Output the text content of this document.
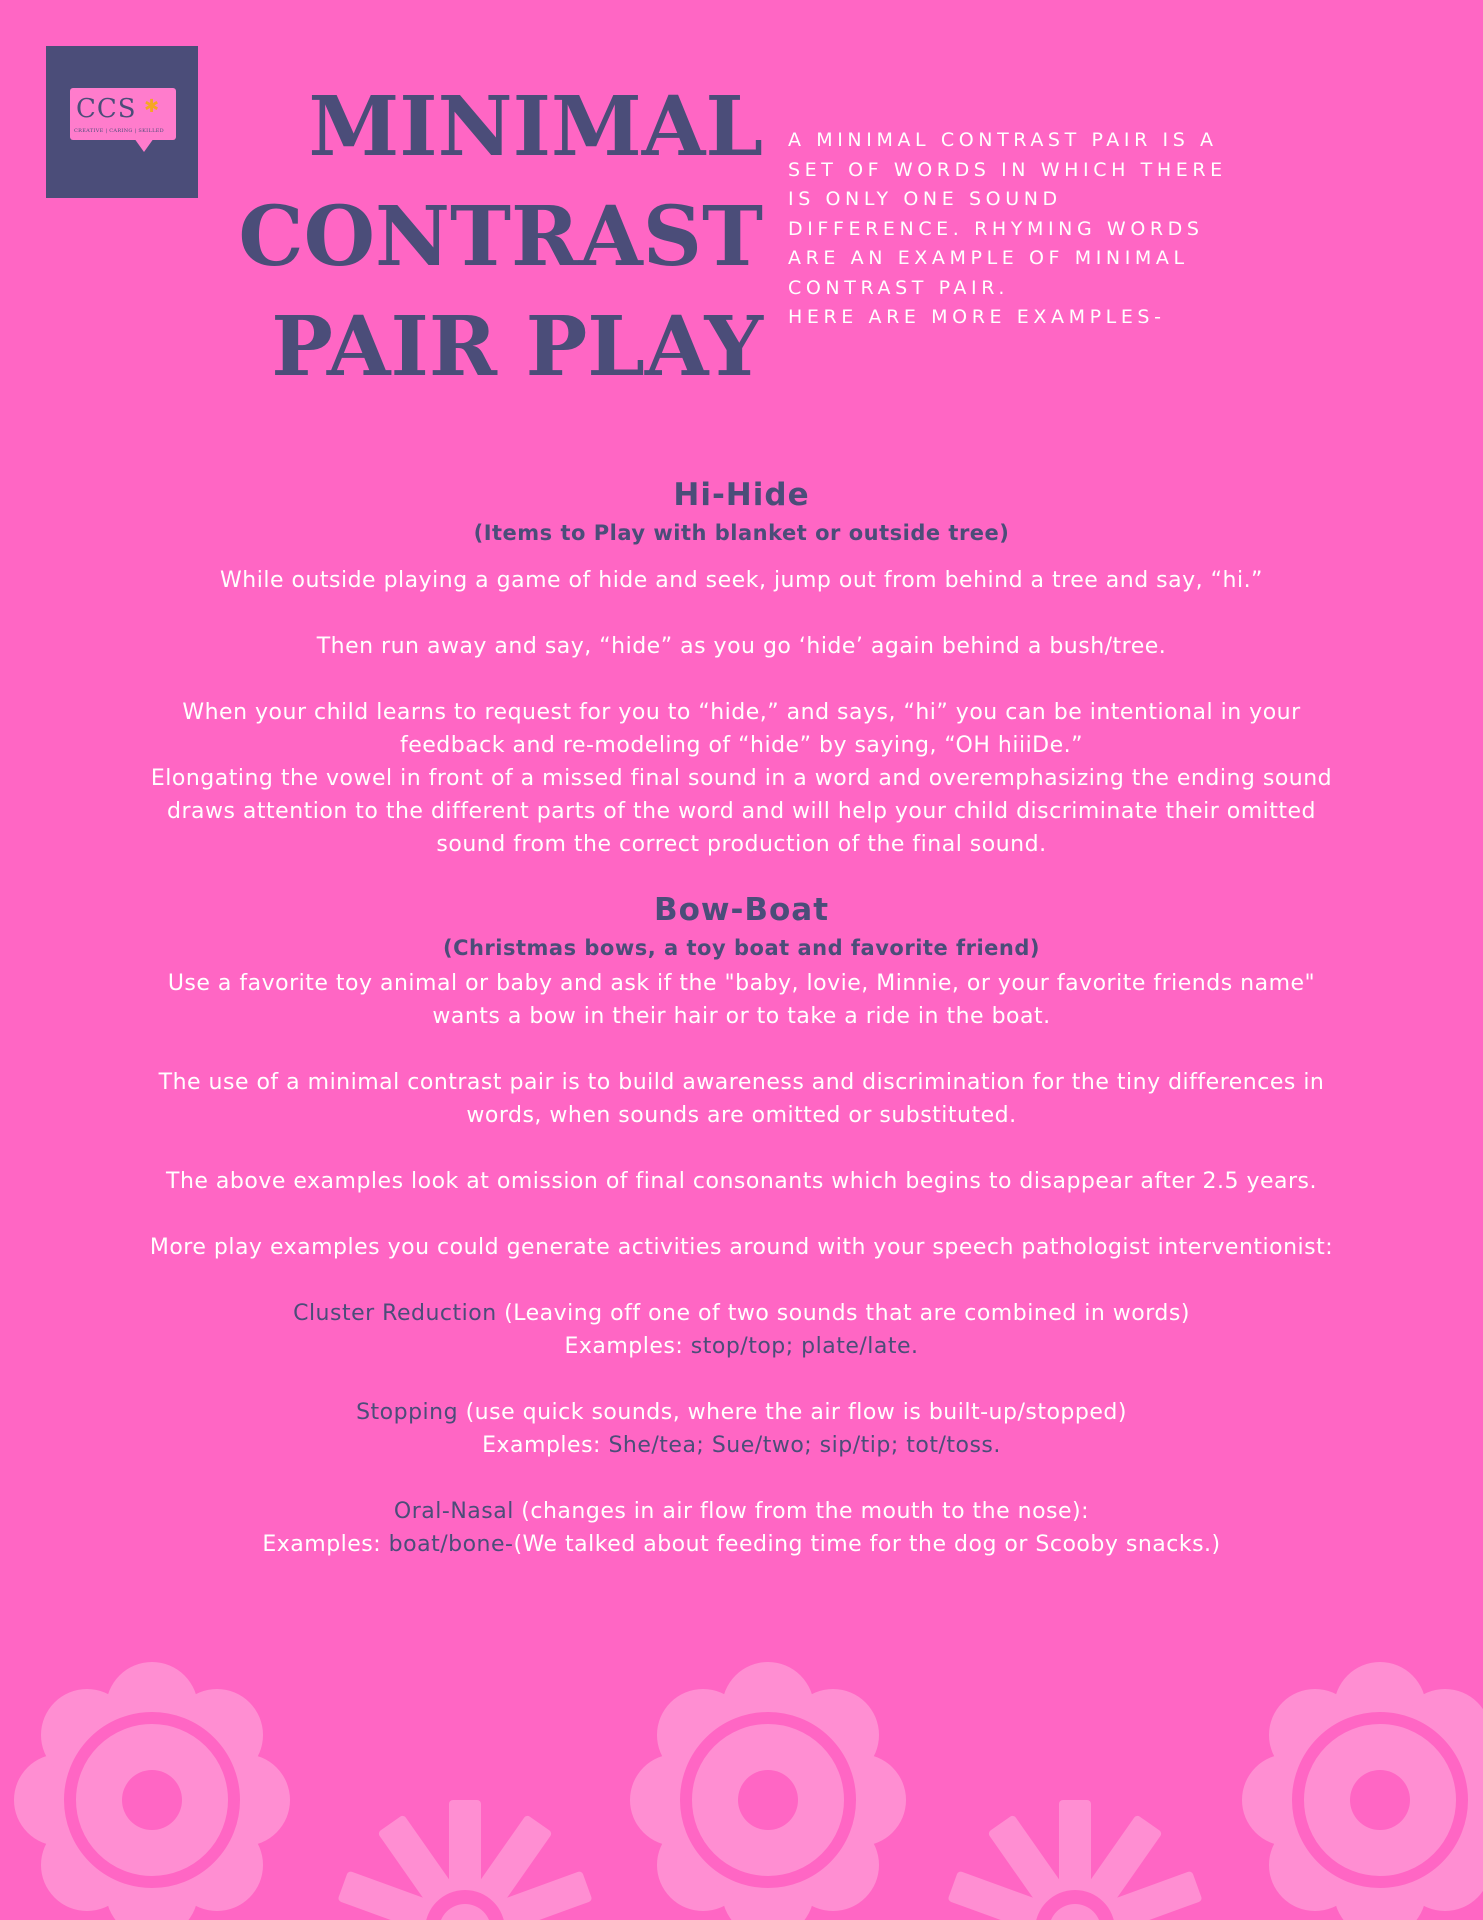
CCS ✱
CREATIVE | CARING | SKILLED	MINIMAL
CONTRAST
PAIR PLAY
A MINIMAL CONTRAST PAIR IS A
SET OF WORDS IN WHICH THERE
IS ONLY ONE SOUND
DIFFERENCE. RHYMING WORDS
ARE AN EXAMPLE OF MINIMAL
CONTRAST PAIR.
HERE ARE MORE EXAMPLES-
Hi-Hide
(Items to Play with blanket or outside tree)

While outside playing a game of hide and seek, jump out from behind a tree and say, “hi.”

Then run away and say, “hide” as you go ‘hide’ again behind a bush/tree.

When your child learns to request for you to “hide,” and says, “hi” you can be intentional in your

feedback and re-modeling of “hide” by saying, “OH hiiiDe.”

Elongating the vowel in front of a missed final sound in a word and overemphasizing the ending sound

draws attention to the different parts of the word and will help your child discriminate their omitted

sound from the correct production of the final sound.

Bow-Boat
(Christmas bows, a toy boat and favorite friend)

Use a favorite toy animal or baby and ask if the "baby, lovie, Minnie, or your favorite friends name"

wants a bow in their hair or to take a ride in the boat.

The use of a minimal contrast pair is to build awareness and discrimination for the tiny differences in

words, when sounds are omitted or substituted.

The above examples look at omission of final consonants which begins to disappear after 2.5 years.

More play examples you could generate activities around with your speech pathologist interventionist:

Cluster Reduction (Leaving off one of two sounds that are combined in words)

Examples: stop/top; plate/late.

Stopping (use quick sounds, where the air flow is built-up/stopped)

Examples: She/tea; Sue/two; sip/tip; tot/toss.

Oral-Nasal (changes in air flow from the mouth to the nose):

Examples: boat/bone-(We talked about feeding time for the dog or Scooby snacks.)
